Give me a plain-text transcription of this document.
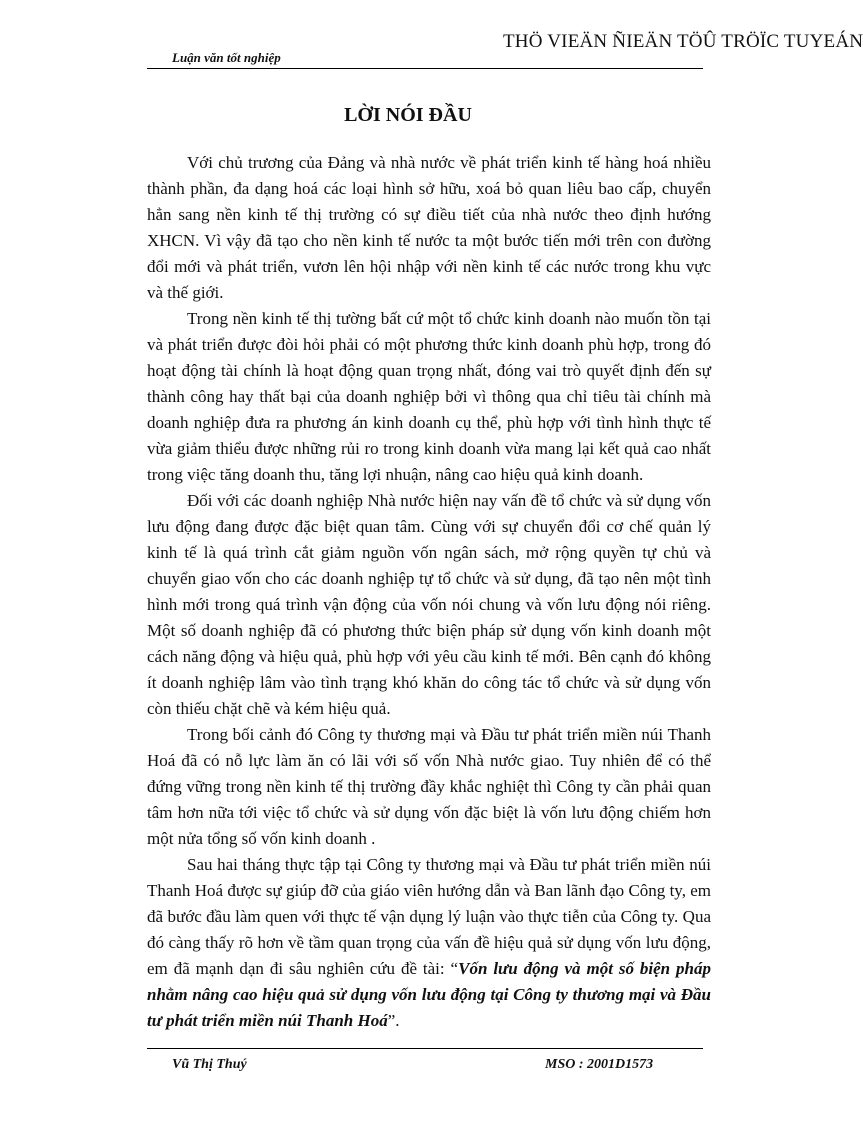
Luận văn tốt nghiệp
THÖ VIEÄN ÑIEÄN TÖÛ TRÖÏC TUYEÁN
LỜI NÓI ĐẦU

Với chủ trương của Đảng và nhà nước về phát triển kinh tế hàng hoá nhiều thành phần, đa dạng hoá các loại hình sở hữu, xoá bỏ quan liêu bao cấp, chuyển hẳn sang nền kinh tế thị trường có sự điều tiết của nhà nước theo định hướng XHCN. Vì vậy đã tạo cho nền kinh tế nước ta một bước tiến mới trên con đường đổi mới và phát triển, vươn lên hội nhập với nền kinh tế các nước trong khu vực và thế giới.

Trong nền kinh tế thị tường bất cứ một tổ chức kinh doanh nào muốn tồn tại và phát triển được đòi hỏi phải có một phương thức kinh doanh phù hợp, trong đó hoạt động tài chính là hoạt động quan trọng nhất, đóng vai trò quyết định đến sự thành công hay thất bại của doanh nghiệp bởi vì thông qua chỉ tiêu tài chính mà doanh nghiệp đưa ra phương án kinh doanh cụ thể, phù hợp với tình hình thực tế vừa giảm thiểu được những rủi ro trong kinh doanh vừa mang lại kết quả cao nhất trong việc tăng doanh thu, tăng lợi nhuận, nâng cao hiệu quả kinh doanh.

Đối với các doanh nghiệp Nhà nước hiện nay vấn đề tổ chức và sử dụng vốn lưu động đang được đặc biệt quan tâm. Cùng với sự chuyển đổi cơ chế quản lý kinh tế là quá trình cắt giảm nguồn vốn ngân sách, mở rộng quyền tự chủ và chuyển giao vốn cho các doanh nghiệp tự tổ chức và sử dụng, đã tạo nên một tình hình mới trong quá trình vận động của vốn nói chung và vốn lưu động nói riêng. Một số doanh nghiệp đã có phương thức biện pháp sử dụng vốn kinh doanh một cách năng động và hiệu quả, phù hợp với yêu cầu kinh tế mới. Bên cạnh đó không ít doanh nghiệp lâm vào tình trạng khó khăn do công tác tổ chức và sử dụng vốn còn thiếu chặt chẽ và kém hiệu quả.

Trong bối cảnh đó Công ty thương mại và Đầu tư phát triển miền núi Thanh Hoá đã có nỗ lực làm ăn có lãi với số vốn Nhà nước giao. Tuy nhiên để có thể đứng vững trong nền kinh tế thị trường đầy khắc nghiệt thì Công ty cần phải quan tâm hơn nữa tới việc tổ chức và sử dụng vốn đặc biệt là vốn lưu động chiếm hơn một nửa tổng số vốn kinh doanh .

Sau hai tháng thực tập tại Công ty thương mại và Đầu tư phát triển miền núi Thanh Hoá được sự giúp đỡ của giáo viên hướng dẫn và Ban lãnh đạo Công ty, em đã bước đầu làm quen với thực tế vận dụng lý luận vào thực tiễn của Công ty. Qua đó càng thấy rõ hơn về tầm quan trọng của vấn đề hiệu quả sử dụng vốn lưu động, em đã mạnh dạn đi sâu nghiên cứu đề tài: “Vốn lưu động và một số biện pháp nhằm nâng cao hiệu quả sử dụng vốn lưu động tại Công ty thương mại và Đầu tư phát triển miền núi Thanh Hoá”.

Vũ Thị Thuý	MSO : 2001D1573
